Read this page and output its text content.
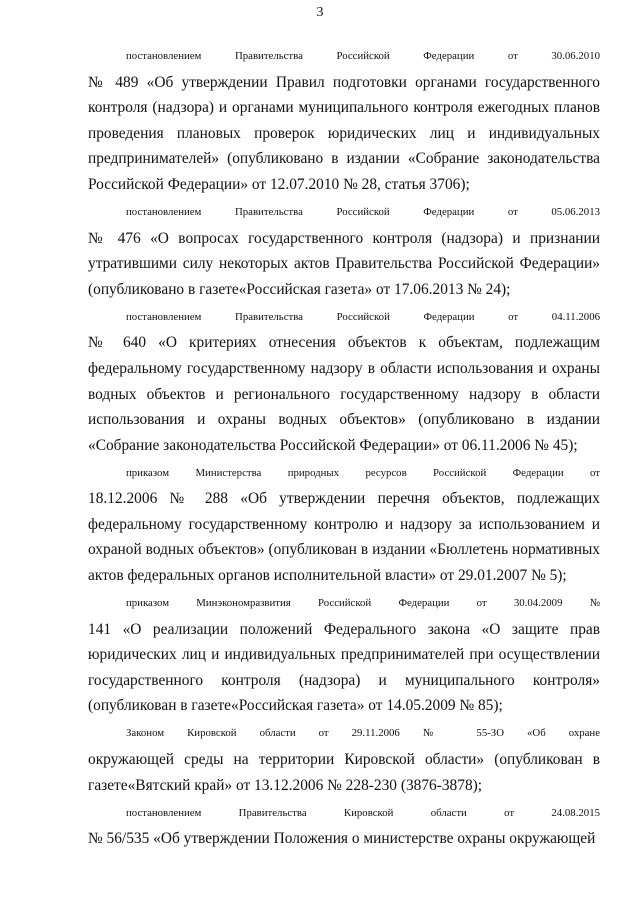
3
постановлением Правительства Российской Федерации от 30.06.2010
№ 489 «Об утверждении Правил подготовки органами государственного
контроля (надзора) и органами муниципального контроля ежегодных планов
проведения плановых проверок юридических лиц и индивидуальных
предпринимателей» (опубликовано в издании «Собрание законодательства
Российской Федерации» от 12.07.2010 № 28, статья 3706);
постановлением Правительства Российской Федерации от 05.06.2013
№ 476 «О вопросах государственного контроля (надзора) и признании
утратившими силу некоторых актов Правительства Российской Федерации»
(опубликовано в газете«Российская газета» от 17.06.2013 № 24);
постановлением Правительства Российской Федерации от 04.11.2006
№ 640 «О критериях отнесения объектов к объектам, подлежащим
федеральному государственному надзору в области использования и охраны
водных объектов и регионального государственному надзору в области
использования и охраны водных объектов» (опубликовано в издании
«Собрание законодательства Российской Федерации» от 06.11.2006 № 45);
приказом Министерства природных ресурсов Российской Федерации от
18.12.2006 № 288 «Об утверждении перечня объектов, подлежащих
федеральному государственному контролю и надзору за использованием и
охраной водных объектов» (опубликован в издании «Бюллетень нормативных
актов федеральных органов исполнительной власти» от 29.01.2007 № 5);
приказом Минэкономразвития Российской Федерации от 30.04.2009 №
141 «О реализации положений Федерального закона «О защите прав
юридических лиц и индивидуальных предпринимателей при осуществлении
государственного контроля (надзора) и муниципального контроля»
(опубликован в газете«Российская газета» от 14.05.2009 № 85);
Законом Кировской области от 29.11.2006 № 55-ЗО «Об охране
окружающей среды на территории Кировской области» (опубликован в
газете«Вятский край» от 13.12.2006 № 228-230 (3876-3878);
постановлением Правительства Кировской области от 24.08.2015
№ 56/535 «Об утверждении Положения о министерстве охраны окружающей
